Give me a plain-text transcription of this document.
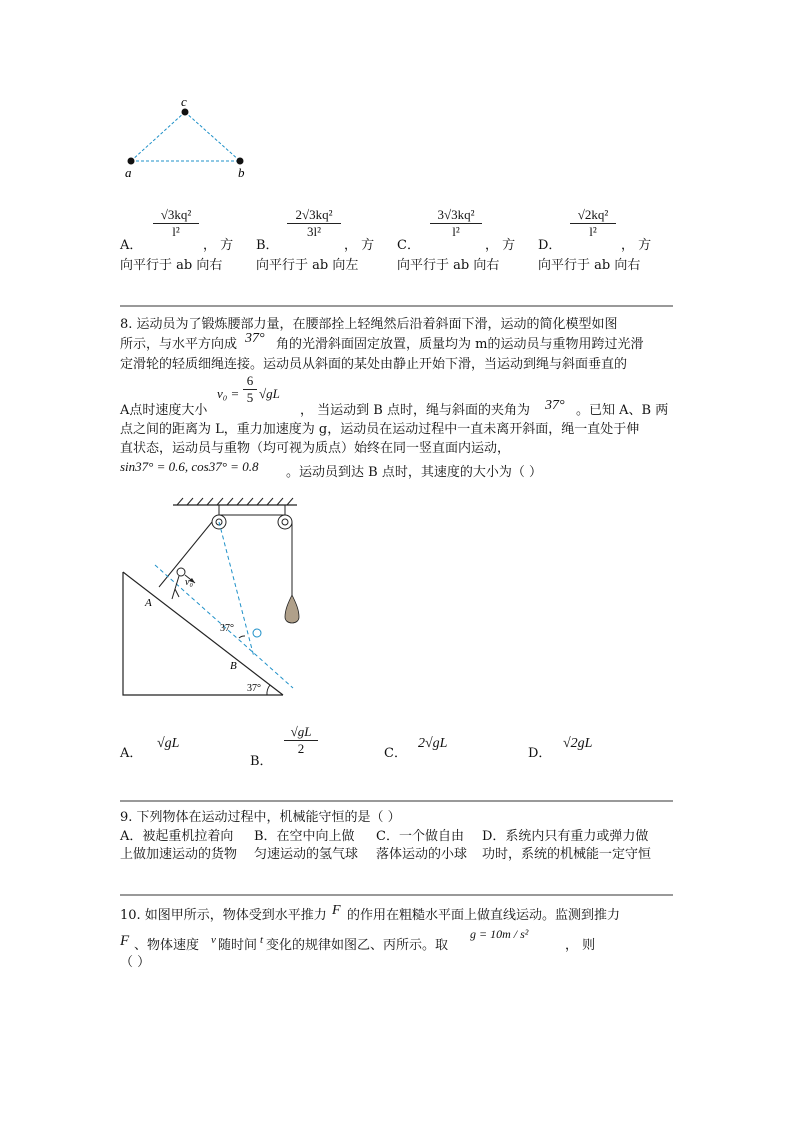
c
a	b
$\frac{\text{√3kq²}}{\text{l²}}$
A．	， 方
向平行于 ab 向右
$\frac{\text{2√3kq²}}{\text{3l²}}$
B．	， 方
向平行于 ab 向左
$\frac{\text{3√3kq²}}{\text{l²}}$
C．	， 方
向平行于 ab 向右
$\frac{\text{√2kq²}}{\text{l²}}$
D．	， 方
向平行于 ab 向右
8. 运动员为了锻炼腰部力量，在腰部拴上轻绳然后沿着斜面下滑，运动的简化模型如图
所示，与水平方向成 37° 角的光滑斜面固定放置，质量均为 m的运动员与重物用跨过光滑
定滑轮的轻质细绳连接。运动员从斜面的某处由静止开始下滑，当运动到绳与斜面垂直的
$v_0 = \frac{6}{5} √gL$
A点时速度大小	， 当运动到 B 点时，绳与斜面的夹角为 37° 。已知 A、B 两
点之间的距离为 L，重力加速度为 g，运动员在运动过程中一直未离开斜面，绳一直处于伸
直状态，运动员与重物（均可视为质点）始终在同一竖直面内运动，
sin37° = 0.6, cos37° = 0.8 。运动员到达 B 点时，其速度的大小为（ ）
v₀
A
B
37°
37°
A．
√gL
B．
$\frac{√gL}{2}$	C．
2√gL
D．
√2gL
9. 下列物体在运动过程中，机械能守恒的是（ ）
A．被起重机拉着向
上做加速运动的货物
B．在空中向上做
匀速运动的氢气球
C．一个做自由
落体运动的小球
D．系统内只有重力或弹力做
功时，系统的机械能一定守恒
10. 如图甲所示，物体受到水平推力 F 的作用在粗糙水平面上做直线运动。监测到推力
F 、物体速度 v 随时间 t 变化的规律如图乙、丙所示。取
g = 10m / s²
， 则
（ ）
